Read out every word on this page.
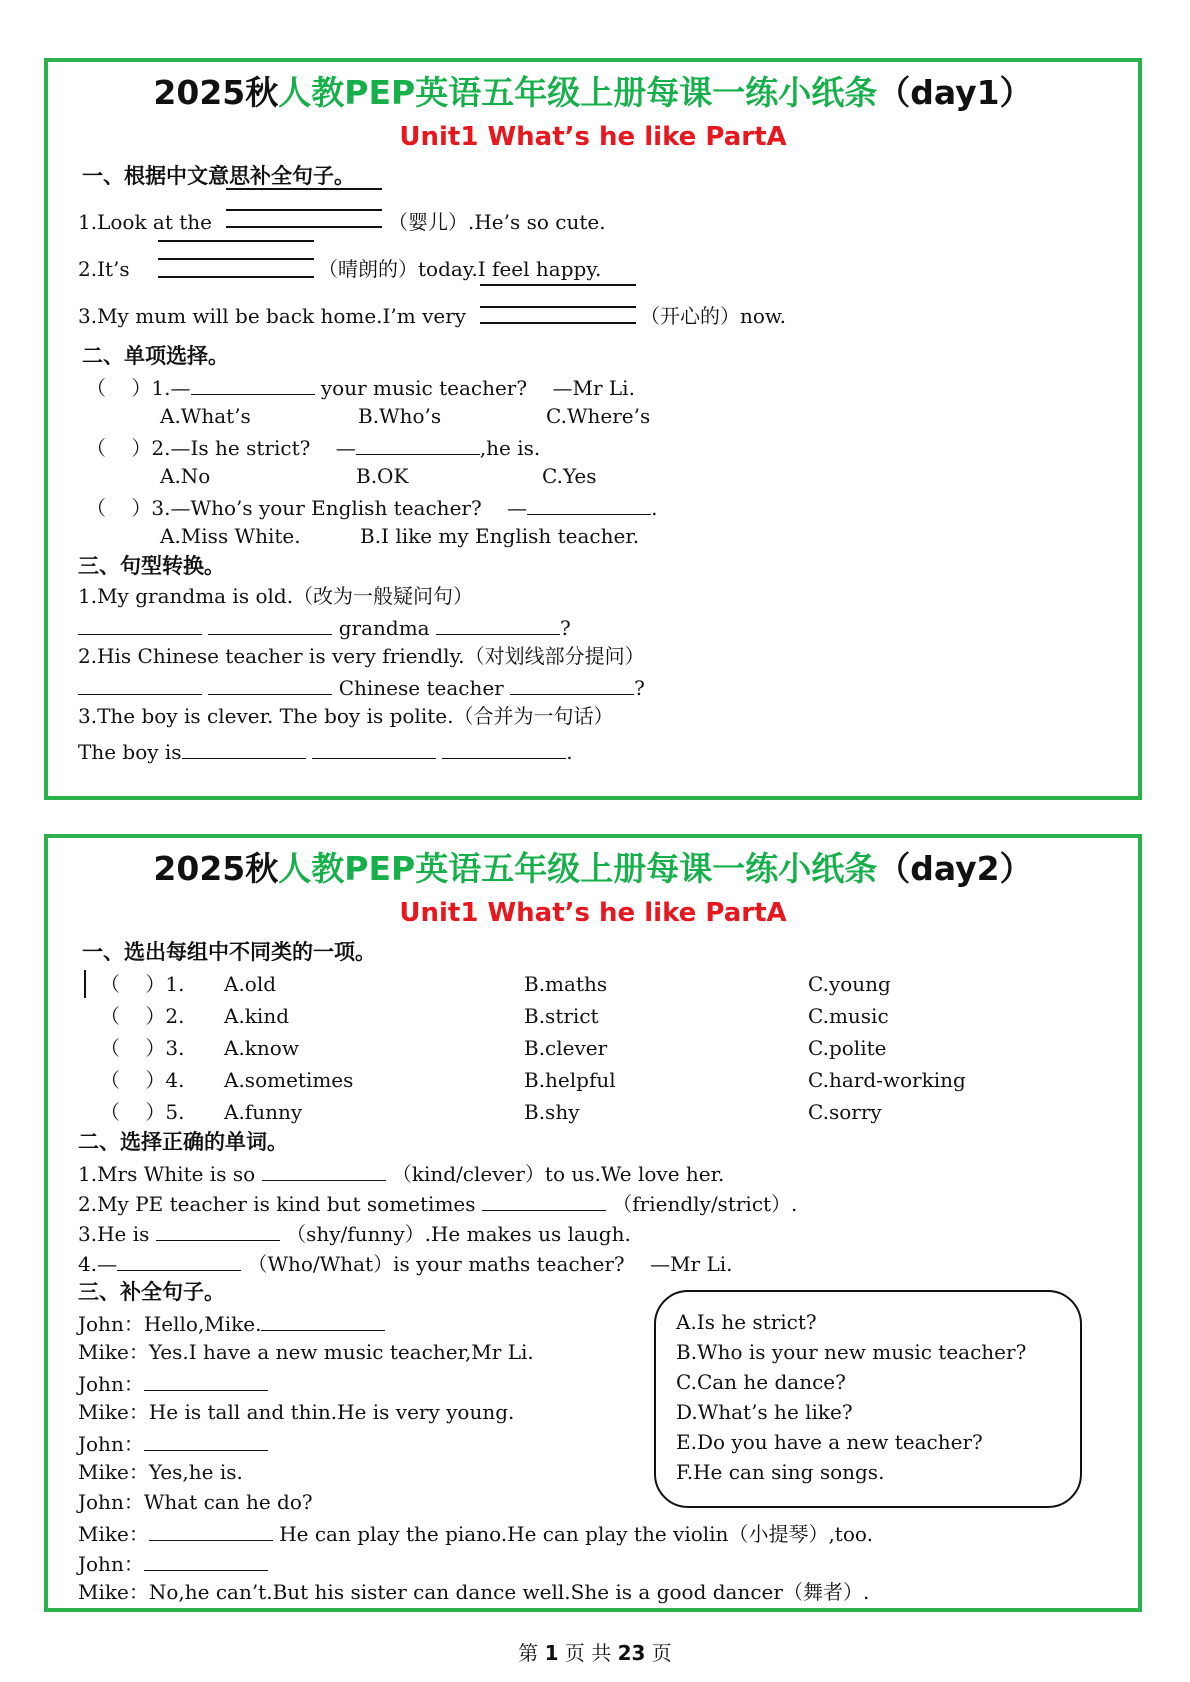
2025秋人教PEP英语五年级上册每课一练小纸条（day1）
Unit1 What’s he like PartA
一、根据中文意思补全句子。
1.Look at the	（婴儿）.He’s so cute.
2.It’s	（晴朗的）today.I feel happy.
3.My mum will be back home.I’m very	（开心的）now.
二、单项选择。
（    ）1.—	your music teacher?    —Mr Li.
A.What’s	B.Who’s	C.Where’s
（    ）2.—Is he strict?    —	,he is.
A.No	B.OK	C.Yes
（    ）3.—Who’s your English teacher?    —	.
A.Miss White.	B.I like my English teacher.
三、句型转换。
1.My grandma is old.（改为一般疑问句）
grandma	?
2.His Chinese teacher is very friendly.（对划线部分提问）
Chinese teacher	?
3.The boy is clever. The boy is polite.（合并为一句话）
The boy is	.
2025秋人教PEP英语五年级上册每课一练小纸条（day2）
Unit1 What’s he like PartA
一、选出每组中不同类的一项。
（    ）1. A.old	B.maths	C.young
（    ）2. A.kind	B.strict	C.music
（    ）3. A.know	B.clever	C.polite
（    ）4. A.sometimes	B.helpful	C.hard-working
（    ）5. A.funny	B.shy	C.sorry
二、选择正确的单词。
1.Mrs White is so	（kind/clever）to us.We love her.
2.My PE teacher is kind but sometimes	（friendly/strict）.
3.He is	（shy/funny）.He makes us laugh.
4.—	（Who/What）is your maths teacher?    —Mr Li.
三、补全句子。
John：Hello,Mike.
Mike：Yes.I have a new music teacher,Mr Li.
John：
Mike：He is tall and thin.He is very young.
John：
Mike：Yes,he is.
John：What can he do?
Mike：	He can play the piano.He can play the violin（小提琴）,too.
John：
Mike：No,he can’t.But his sister can dance well.She is a good dancer（舞者）.
A.Is he strict?
B.Who is your new music teacher?
C.Can he dance?
D.What’s he like?
E.Do you have a new teacher?
F.He can sing songs.
第 1 页 共 23 页
